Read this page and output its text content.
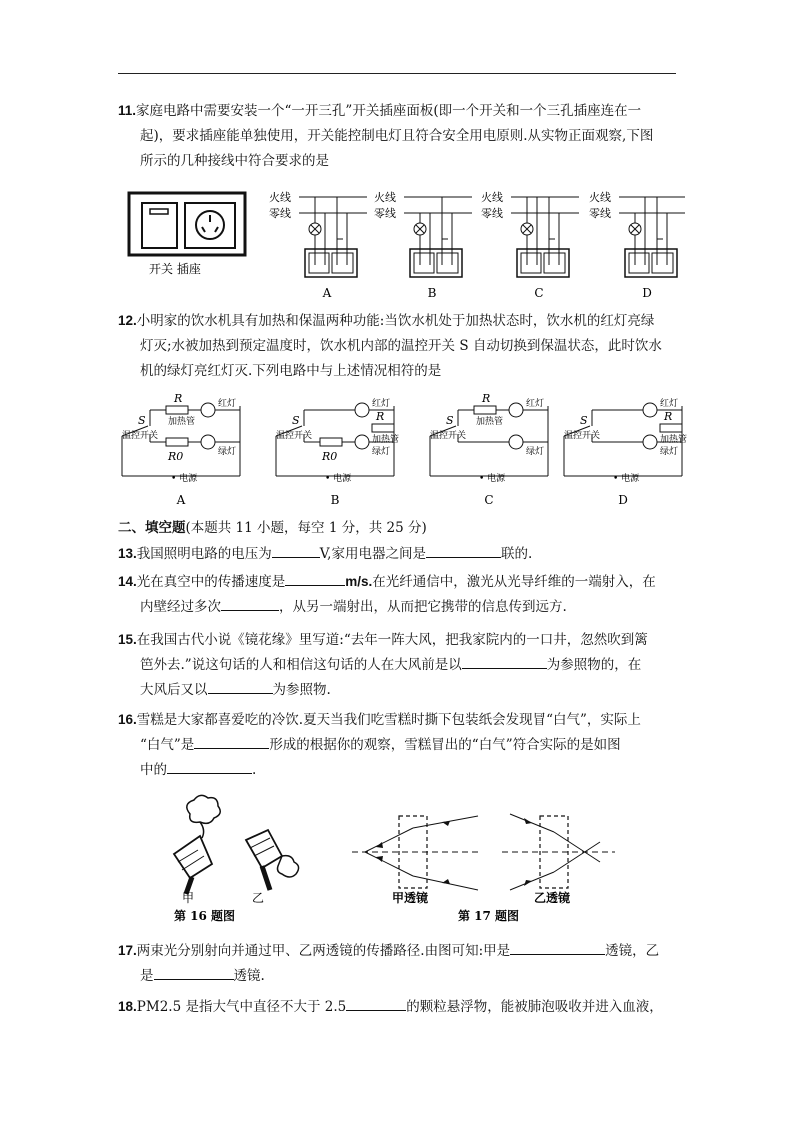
11.家庭电路中需要安装一个“一开三孔”开关插座面板(即一个开关和一个三孔插座连在一
起)，要求插座能单独使用，开关能控制电灯且符合安全用电原则.从实物正面观察,下图
所示的几种接线中符合要求的是
开关 插座
火线
零线
A
火线
零线
B
火线
零线
C
火线
零线
D
12.小明家的饮水机具有加热和保温两种功能:当饮水机处于加热状态时，饮水机的红灯亮绿
灯灭;水被加热到预定温度时，饮水机内部的温控开关 S 自动切换到保温状态，此时饮水
机的绿灯亮红灯灭.下列电路中与上述情况相符的是
• 电源
S
温控开关
R
加热管
红灯
绿灯
R0
A
• 电源
S
温控开关
红灯
绿灯
R0
R
加热管
B
• 电源
S
温控开关
R
加热管
红灯
绿灯
C
• 电源
S
温控开关
红灯
绿灯
R
加热管
D
二、填空题(本题共 11 小题，每空 1 分，共 25 分)
13.我国照明电路的电压为	V,家用电器之间是	联的.
14.光在真空中的传播速度是	m/s.在光纤通信中，激光从光导纤维的一端射入，在
内壁经过多次	，从另一端射出，从而把它携带的信息传到远方.
15.在我国古代小说《镜花缘》里写道:“去年一阵大风，把我家院内的一口井，忽然吹到篱
笆外去.”说这句话的人和相信这句话的人在大风前是以	为参照物的，在
大风后又以	为参照物.
16.雪糕是大家都喜爱吃的冷饮.夏天当我们吃雪糕时撕下包装纸会发现冒“白气”，实际上
“白气”是	形成的根据你的观察，雪糕冒出的“白气”符合实际的是如图
中的	.
甲	乙
第 16 题图
甲透镜
第 17 题图
乙透镜
17.两束光分别射向并通过甲、乙两透镜的传播路径.由图可知:甲是	透镜，乙
是	透镜.
18.PM2.5 是指大气中直径不大于 2.5	的颗粒悬浮物，能被肺泡吸收并进入血液，
